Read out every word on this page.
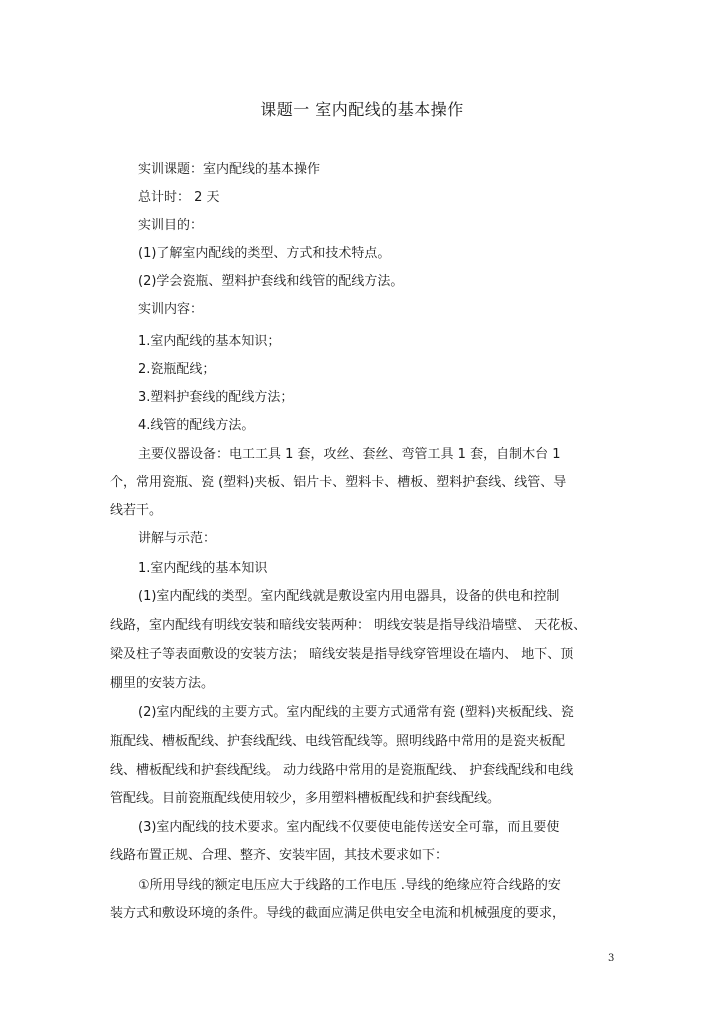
课题一 室内配线的基本操作
实训课题：室内配线的基本操作
总计时： 2 天
实训目的：
(1)了解室内配线的类型、方式和技术特点。
(2)学会瓷瓶、塑料护套线和线管的配线方法。
实训内容：
1.室内配线的基本知识；
2.瓷瓶配线；
3.塑料护套线的配线方法；
4.线管的配线方法。
主要仪器设备：电工工具 1 套，攻丝、套丝、弯管工具 1 套，自制木台 1
个，常用瓷瓶、瓷 (塑料)夹板、铝片卡、塑料卡、槽板、塑料护套线、线管、导
线若干。
讲解与示范：
1.室内配线的基本知识
(1)室内配线的类型。室内配线就是敷设室内用电器具，设备的供电和控制
线路，室内配线有明线安装和暗线安装两种： 明线安装是指导线沿墙壁、 天花板、
梁及柱子等表面敷设的安装方法； 暗线安装是指导线穿管埋设在墙内、 地下、顶
棚里的安装方法。
(2)室内配线的主要方式。室内配线的主要方式通常有瓷 (塑料)夹板配线、瓷
瓶配线、槽板配线、护套线配线、电线管配线等。照明线路中常用的是瓷夹板配
线、槽板配线和护套线配线。 动力线路中常用的是瓷瓶配线、 护套线配线和电线
管配线。目前瓷瓶配线使用较少，多用塑料槽板配线和护套线配线。
(3)室内配线的技术要求。室内配线不仅要使电能传送安全可靠，而且要使
线路布置正规、合理、整齐、安装牢固，其技术要求如下：
①所用导线的额定电压应大于线路的工作电压 .导线的绝缘应符合线路的安
装方式和敷设环境的条件。导线的截面应满足供电安全电流和机械强度的要求，
3
